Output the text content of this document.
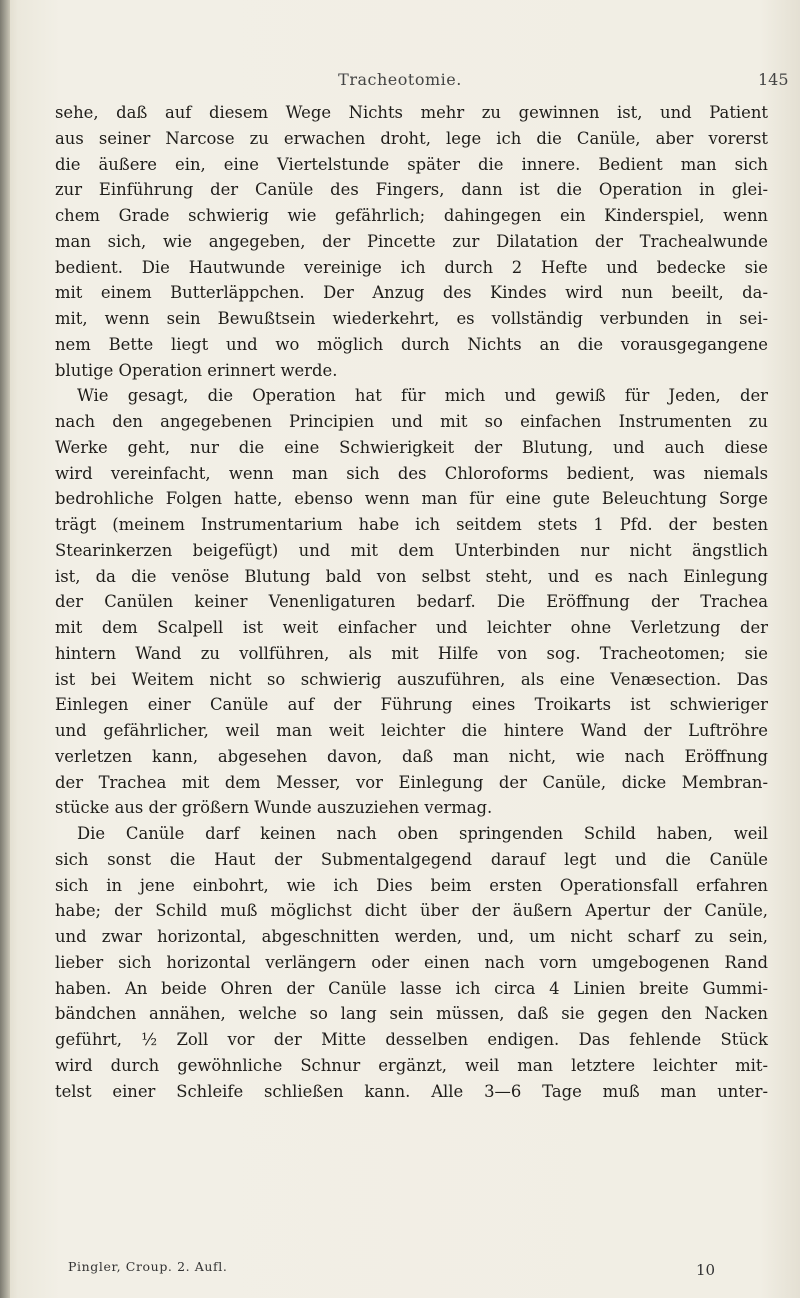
Tracheotomie.	145
sehe, daß auf diesem Wege Nichts mehr zu gewinnen ist, und Patient
aus seiner Narcose zu erwachen droht, lege ich die Canüle, aber vorerst
die äußere ein, eine Viertelstunde später die innere. Bedient man sich
zur Einführung der Canüle des Fingers, dann ist die Operation in glei-
chem Grade schwierig wie gefährlich; dahingegen ein Kinderspiel, wenn
man sich, wie angegeben, der Pincette zur Dilatation der Trachealwunde
bedient. Die Hautwunde vereinige ich durch 2 Hefte und bedecke sie
mit einem Butterläppchen. Der Anzug des Kindes wird nun beeilt, da-
mit, wenn sein Bewußtsein wiederkehrt, es vollständig verbunden in sei-
nem Bette liegt und wo möglich durch Nichts an die vorausgegangene
blutige Operation erinnert werde.
Wie gesagt, die Operation hat für mich und gewiß für Jeden, der
nach den angegebenen Principien und mit so einfachen Instrumenten zu
Werke geht, nur die eine Schwierigkeit der Blutung, und auch diese
wird vereinfacht, wenn man sich des Chloroforms bedient, was niemals
bedrohliche Folgen hatte, ebenso wenn man für eine gute Beleuchtung Sorge
trägt (meinem Instrumentarium habe ich seitdem stets 1 Pfd. der besten
Stearinkerzen beigefügt) und mit dem Unterbinden nur nicht ängstlich
ist, da die venöse Blutung bald von selbst steht, und es nach Einlegung
der Canülen keiner Venenligaturen bedarf. Die Eröffnung der Trachea
mit dem Scalpell ist weit einfacher und leichter ohne Verletzung der
hintern Wand zu vollführen, als mit Hilfe von sog. Tracheotomen; sie
ist bei Weitem nicht so schwierig auszuführen, als eine Venæsection. Das
Einlegen einer Canüle auf der Führung eines Troikarts ist schwieriger
und gefährlicher, weil man weit leichter die hintere Wand der Luftröhre
verletzen kann, abgesehen davon, daß man nicht, wie nach Eröffnung
der Trachea mit dem Messer, vor Einlegung der Canüle, dicke Membran-
stücke aus der größern Wunde auszuziehen vermag.
Die Canüle darf keinen nach oben springenden Schild haben, weil
sich sonst die Haut der Submentalgegend darauf legt und die Canüle
sich in jene einbohrt, wie ich Dies beim ersten Operationsfall erfahren
habe; der Schild muß möglichst dicht über der äußern Apertur der Canüle,
und zwar horizontal, abgeschnitten werden, und, um nicht scharf zu sein,
lieber sich horizontal verlängern oder einen nach vorn umgebogenen Rand
haben. An beide Ohren der Canüle lasse ich circa 4 Linien breite Gummi-
bändchen annähen, welche so lang sein müssen, daß sie gegen den Nacken
geführt, ½ Zoll vor der Mitte desselben endigen. Das fehlende Stück
wird durch gewöhnliche Schnur ergänzt, weil man letztere leichter mit-
telst einer Schleife schließen kann. Alle 3—6 Tage muß man unter-
Pingler, Croup. 2. Aufl.	10
